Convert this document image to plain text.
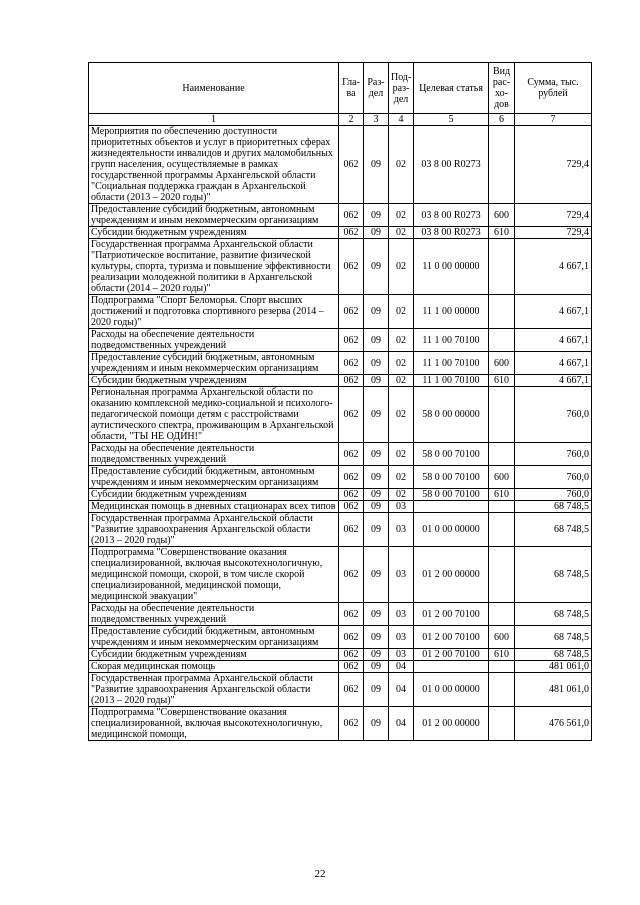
Наименование	Гла-ва	Раз-дел	Под-раз-дел	Целевая статья	Вид рас-хо-дов	Сумма, тыс. рублей
1	2	3	4	5	6	7
Мероприятия по обеспечению доступности приоритетных объектов и услуг в приоритетных сферах жизнедеятельности инвалидов и других маломобильных групп населения, осуществляемые в рамках государственной программы Архангельской области "Социальная поддержка граждан в Архангельской области (2013 – 2020 годы)"	062	09	02	03 8 00 R0273		729,4
Предоставление субсидий бюджетным, автономным учреждениям и иным некоммерческим организациям	062	09	02	03 8 00 R0273	600	729,4
Субсидии бюджетным учреждениям	062	09	02	03 8 00 R0273	610	729,4
Государственная программа Архангельской области "Патриотическое воспитание, развитие физической культуры, спорта, туризма и повышение эффективности реализации молодежной политики в Архангельской области (2014 – 2020 годы)"	062	09	02	11 0 00 00000		4 667,1
Подпрограмма "Спорт Беломорья. Спорт высших достижений и подготовка спортивного резерва (2014 – 2020 годы)"	062	09	02	11 1 00 00000		4 667,1
Расходы на обеспечение деятельности подведомственных учреждений	062	09	02	11 1 00 70100		4 667,1
Предоставление субсидий бюджетным, автономным учреждениям и иным некоммерческим организациям	062	09	02	11 1 00 70100	600	4 667,1
Субсидии бюджетным учреждениям	062	09	02	11 1 00 70100	610	4 667,1
Региональная программа Архангельской области по оказанию комплексной медико-социальной и психолого-педагогической помощи детям с расстройствами аутистического спектра, проживающим в Архангельской области, "ТЫ НЕ ОДИН!"	062	09	02	58 0 00 00000		760,0
Расходы на обеспечение деятельности подведомственных учреждений	062	09	02	58 0 00 70100		760,0
Предоставление субсидий бюджетным, автономным учреждениям и иным некоммерческим организациям	062	09	02	58 0 00 70100	600	760,0
Субсидии бюджетным учреждениям	062	09	02	58 0 00 70100	610	760,0
Медицинская помощь в дневных стационарах всех типов	062	09	03			68 748,5
Государственная программа Архангельской области "Развитие здравоохранения Архангельской области (2013 – 2020 годы)"	062	09	03	01 0 00 00000		68 748,5
Подпрограмма "Совершенствование оказания специализированной, включая высокотехнологичную, медицинской помощи, скорой, в том числе скорой специализированной, медицинской помощи, медицинской эвакуации"	062	09	03	01 2 00 00000		68 748,5
Расходы на обеспечение деятельности подведомственных учреждений	062	09	03	01 2 00 70100		68 748,5
Предоставление субсидий бюджетным, автономным учреждениям и иным некоммерческим организациям	062	09	03	01 2 00 70100	600	68 748,5
Субсидии бюджетным учреждениям	062	09	03	01 2 00 70100	610	68 748,5
Скорая медицинская помощь	062	09	04			481 061,0
Государственная программа Архангельской области "Развитие здравоохранения Архангельской области (2013 – 2020 годы)"	062	09	04	01 0 00 00000		481 061,0
Подпрограмма "Совершенствование оказания специализированной, включая высокотехнологичную, медицинской помощи,	062	09	04	01 2 00 00000		476 561,0
22
